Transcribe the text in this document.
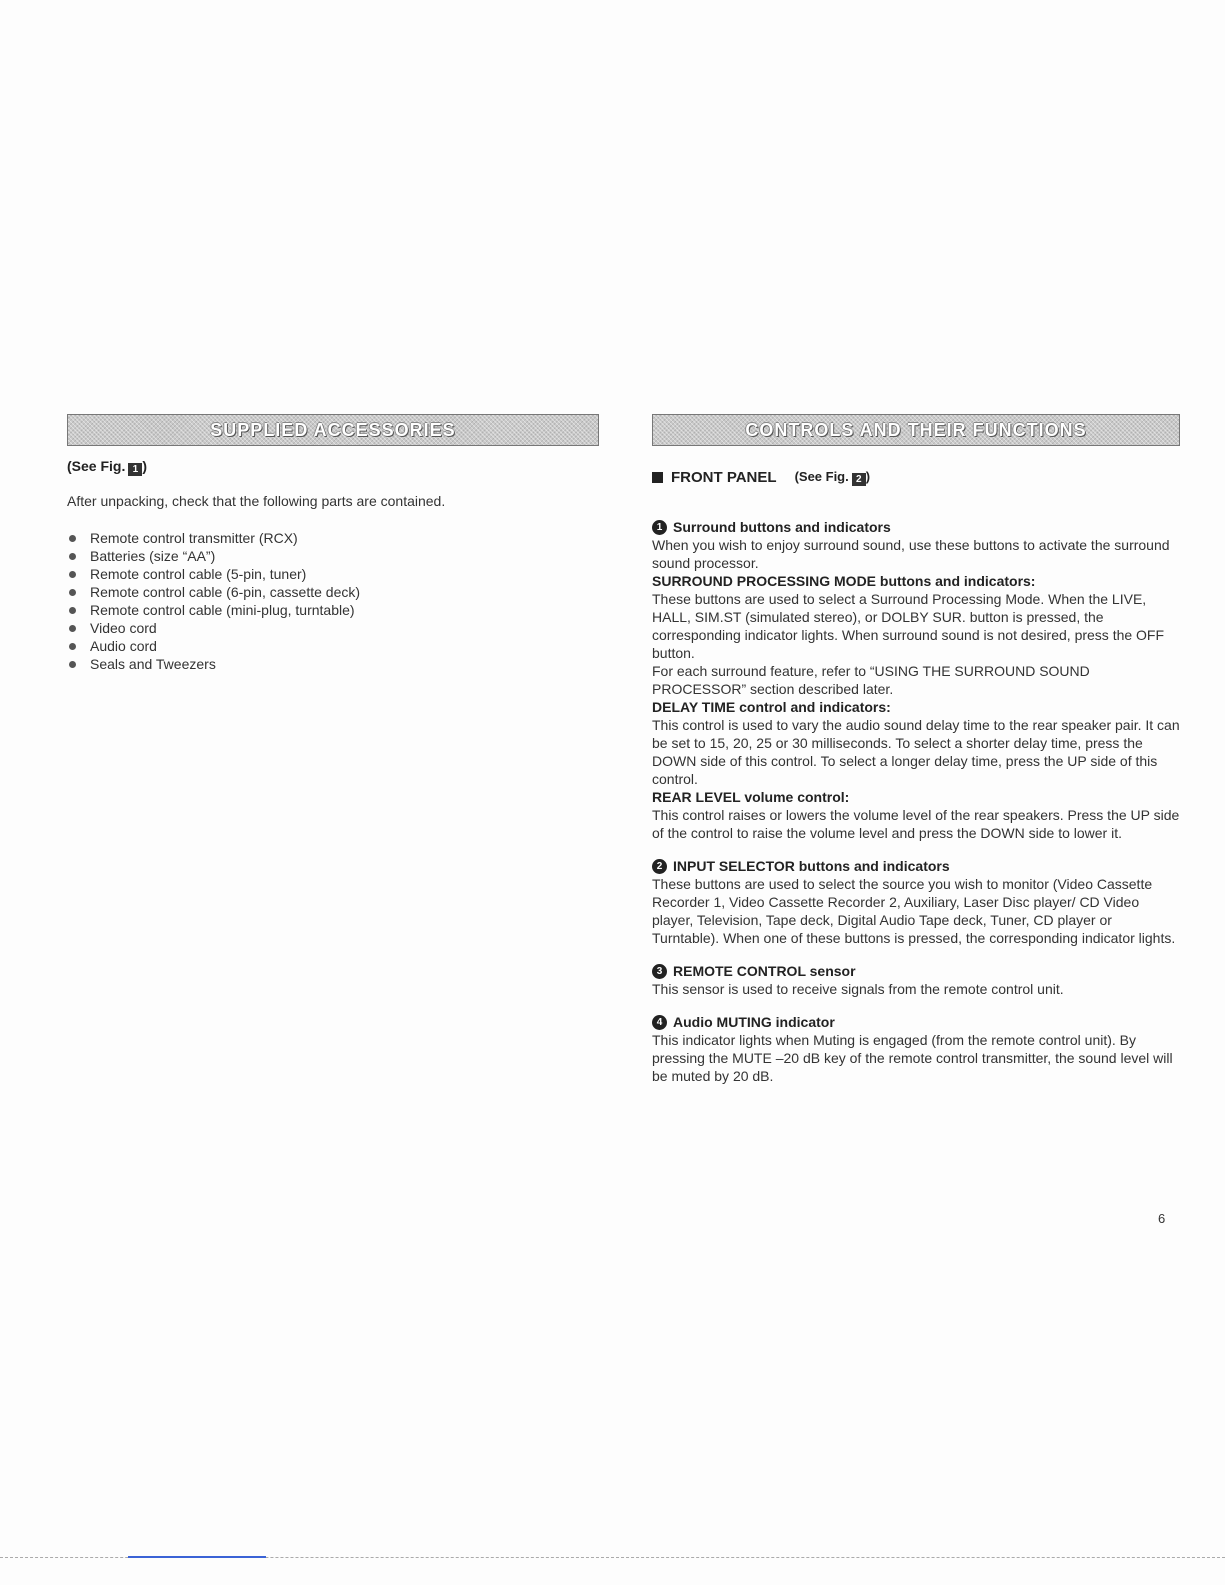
SUPPLIED ACCESSORIES
(See Fig. 1 )
After unpacking, check that the following parts are contained.
Remote control transmitter (RCX)
Batteries (size “AA”)
Remote control cable (5-pin, tuner)
Remote control cable (6-pin, cassette deck)
Remote control cable (mini-plug, turntable)
Video cord
Audio cord
Seals and Tweezers
CONTROLS AND THEIR FUNCTIONS
FRONT PANEL (See Fig. 2 )
1 Surround buttons and indicators

When you wish to enjoy surround sound, use these buttons to activate the surround sound processor.

SURROUND PROCESSING MODE buttons and indicators:

These buttons are used to select a Surround Processing Mode. When the LIVE, HALL, SIM.ST (simulated stereo), or DOLBY SUR. button is pressed, the corresponding indicator lights. When surround sound is not desired, press the OFF button.

For each surround feature, refer to “USING THE SURROUND SOUND PROCESSOR” section described later.

DELAY TIME control and indicators:

This control is used to vary the audio sound delay time to the rear speaker pair. It can be set to 15, 20, 25 or 30 milliseconds. To select a shorter delay time, press the DOWN side of this control. To select a longer delay time, press the UP side of this control.

REAR LEVEL volume control:

This control raises or lowers the volume level of the rear speakers. Press the UP side of the control to raise the volume level and press the DOWN side to lower it.

2 INPUT SELECTOR buttons and indicators

These buttons are used to select the source you wish to monitor (Video Cassette Recorder 1, Video Cassette Recorder 2, Auxiliary, Laser Disc player/ CD Video player, Television, Tape deck, Digital Audio Tape deck, Tuner, CD player or Turntable). When one of these buttons is pressed, the corresponding indicator lights.

3 REMOTE CONTROL sensor

This sensor is used to receive signals from the remote control unit.

4 Audio MUTING indicator

This indicator lights when Muting is engaged (from the remote control unit). By pressing the MUTE –20 dB key of the remote control transmitter, the sound level will be muted by 20 dB.

6
